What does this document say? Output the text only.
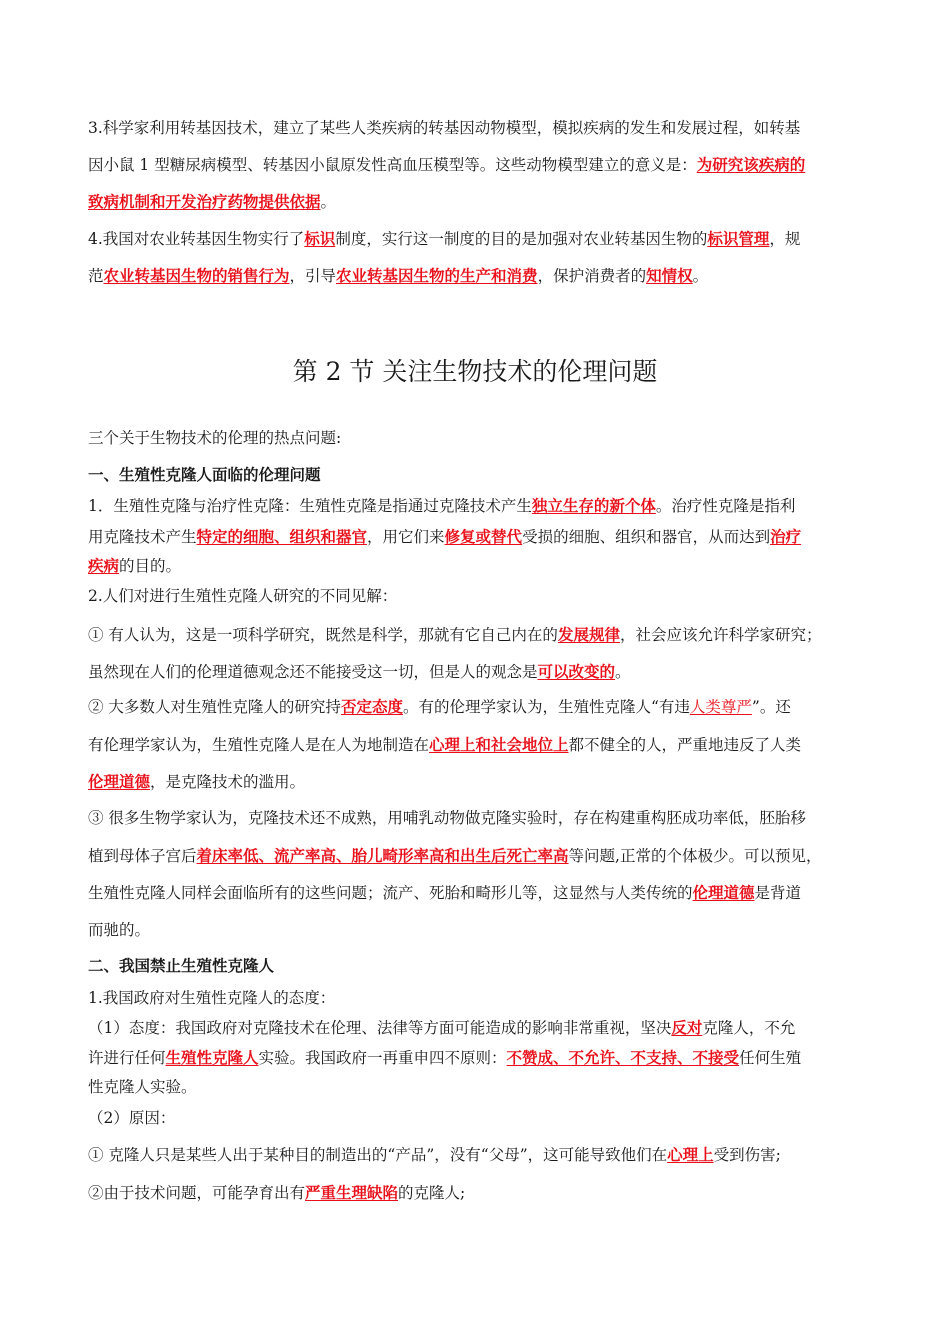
3.科学家利用转基因技术，建立了某些人类疾病的转基因动物模型，模拟疾病的发生和发展过程，如转基
因小鼠 1 型糖尿病模型、转基因小鼠原发性高血压模型等。这些动物模型建立的意义是：为研究该疾病的
致病机制和开发治疗药物提供依据。
4.我国对农业转基因生物实行了标识制度，实行这一制度的目的是加强对农业转基因生物的标识管理，规
范农业转基因生物的销售行为，引导农业转基因生物的生产和消费，保护消费者的知情权。
第 2 节 关注生物技术的伦理问题
三个关于生物技术的伦理的热点问题:
一、生殖性克隆人面临的伦理问题
1．生殖性克隆与治疗性克隆：生殖性克隆是指通过克隆技术产生独立生存的新个体。治疗性克隆是指利
用克隆技术产生特定的细胞、组织和器官，用它们来修复或替代受损的细胞、组织和器官，从而达到治疗
疾病的目的。
2.人们对进行生殖性克隆人研究的不同见解：
① 有人认为，这是一项科学研究，既然是科学，那就有它自己内在的发展规律，社会应该允许科学家研究；
虽然现在人们的伦理道德观念还不能接受这一切，但是人的观念是可以改变的。
② 大多数人对生殖性克隆人的研究持否定态度。有的伦理学家认为，生殖性克隆人“有违人类尊严”。还
有伦理学家认为，生殖性克隆人是在人为地制造在心理上和社会地位上都不健全的人，严重地违反了人类
伦理道德，是克隆技术的滥用。
③ 很多生物学家认为，克隆技术还不成熟，用哺乳动物做克隆实验时，存在构建重构胚成功率低，胚胎移
植到母体子宫后着床率低、流产率高、胎儿畸形率高和出生后死亡率高等问题,正常的个体极少。可以预见，
生殖性克隆人同样会面临所有的这些问题；流产、死胎和畸形儿等，这显然与人类传统的伦理道德是背道
而驰的。
二、我国禁止生殖性克隆人
1.我国政府对生殖性克隆人的态度：
（1）态度：我国政府对克隆技术在伦理、法律等方面可能造成的影响非常重视，坚决反对克隆人，不允
许进行任何生殖性克隆人实验。我国政府一再重申四不原则：不赞成、不允许、不支持、不接受任何生殖
性克隆人实验。
（2）原因：
① 克隆人只是某些人出于某种目的制造出的“产品”，没有“父母”，这可能导致他们在心理上受到伤害;
②由于技术问题，可能孕育出有严重生理缺陷的克隆人;
